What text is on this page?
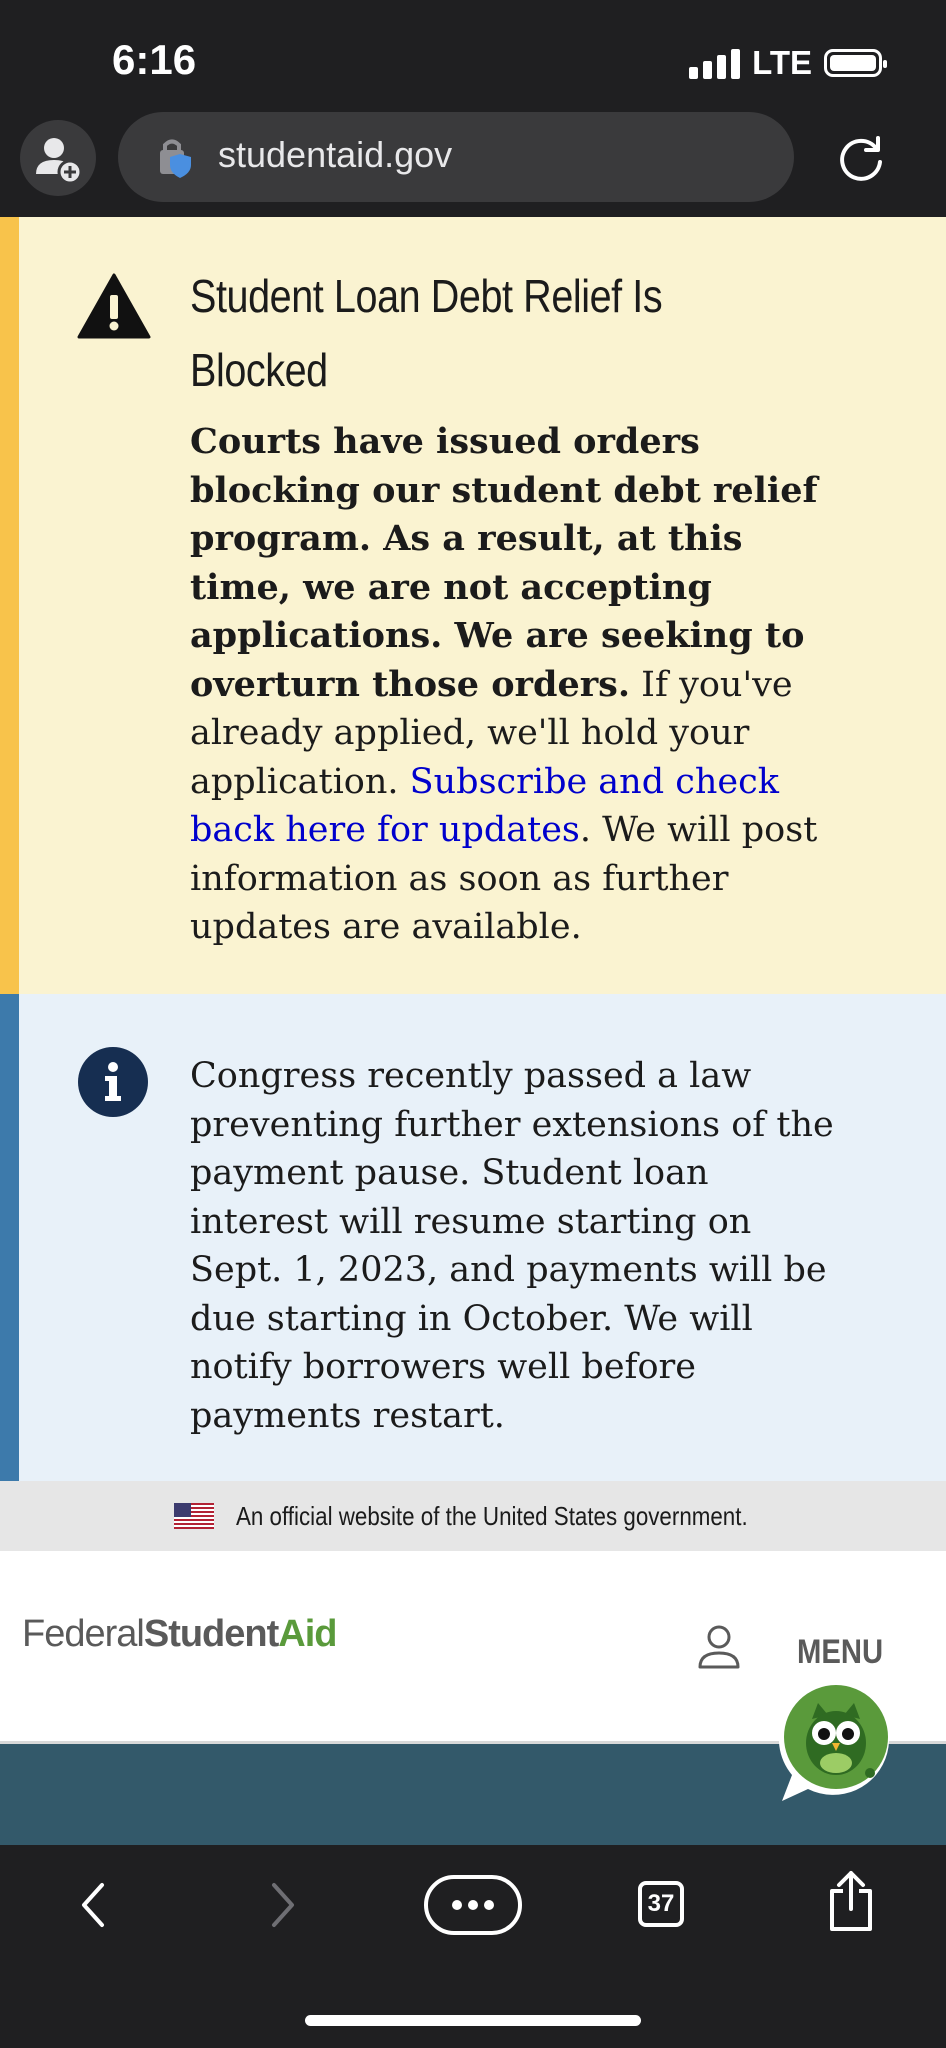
6:16	LTE
studentaid.gov
Student Loan Debt Relief Is Blocked
Courts have issued orders blocking our student debt relief program. As a result, at this time, we are not accepting applications. We are seeking to overturn those orders. If you've already applied, we'll hold your application. Subscribe and check back here for updates. We will post information as soon as further updates are available.
Congress recently passed a law preventing further extensions of the payment pause. Student loan interest will resume starting on Sept. 1, 2023, and payments will be due starting in October. We will notify borrowers well before payments restart.
An official website of the United States government.
FederalStudentAid	MENU
37
